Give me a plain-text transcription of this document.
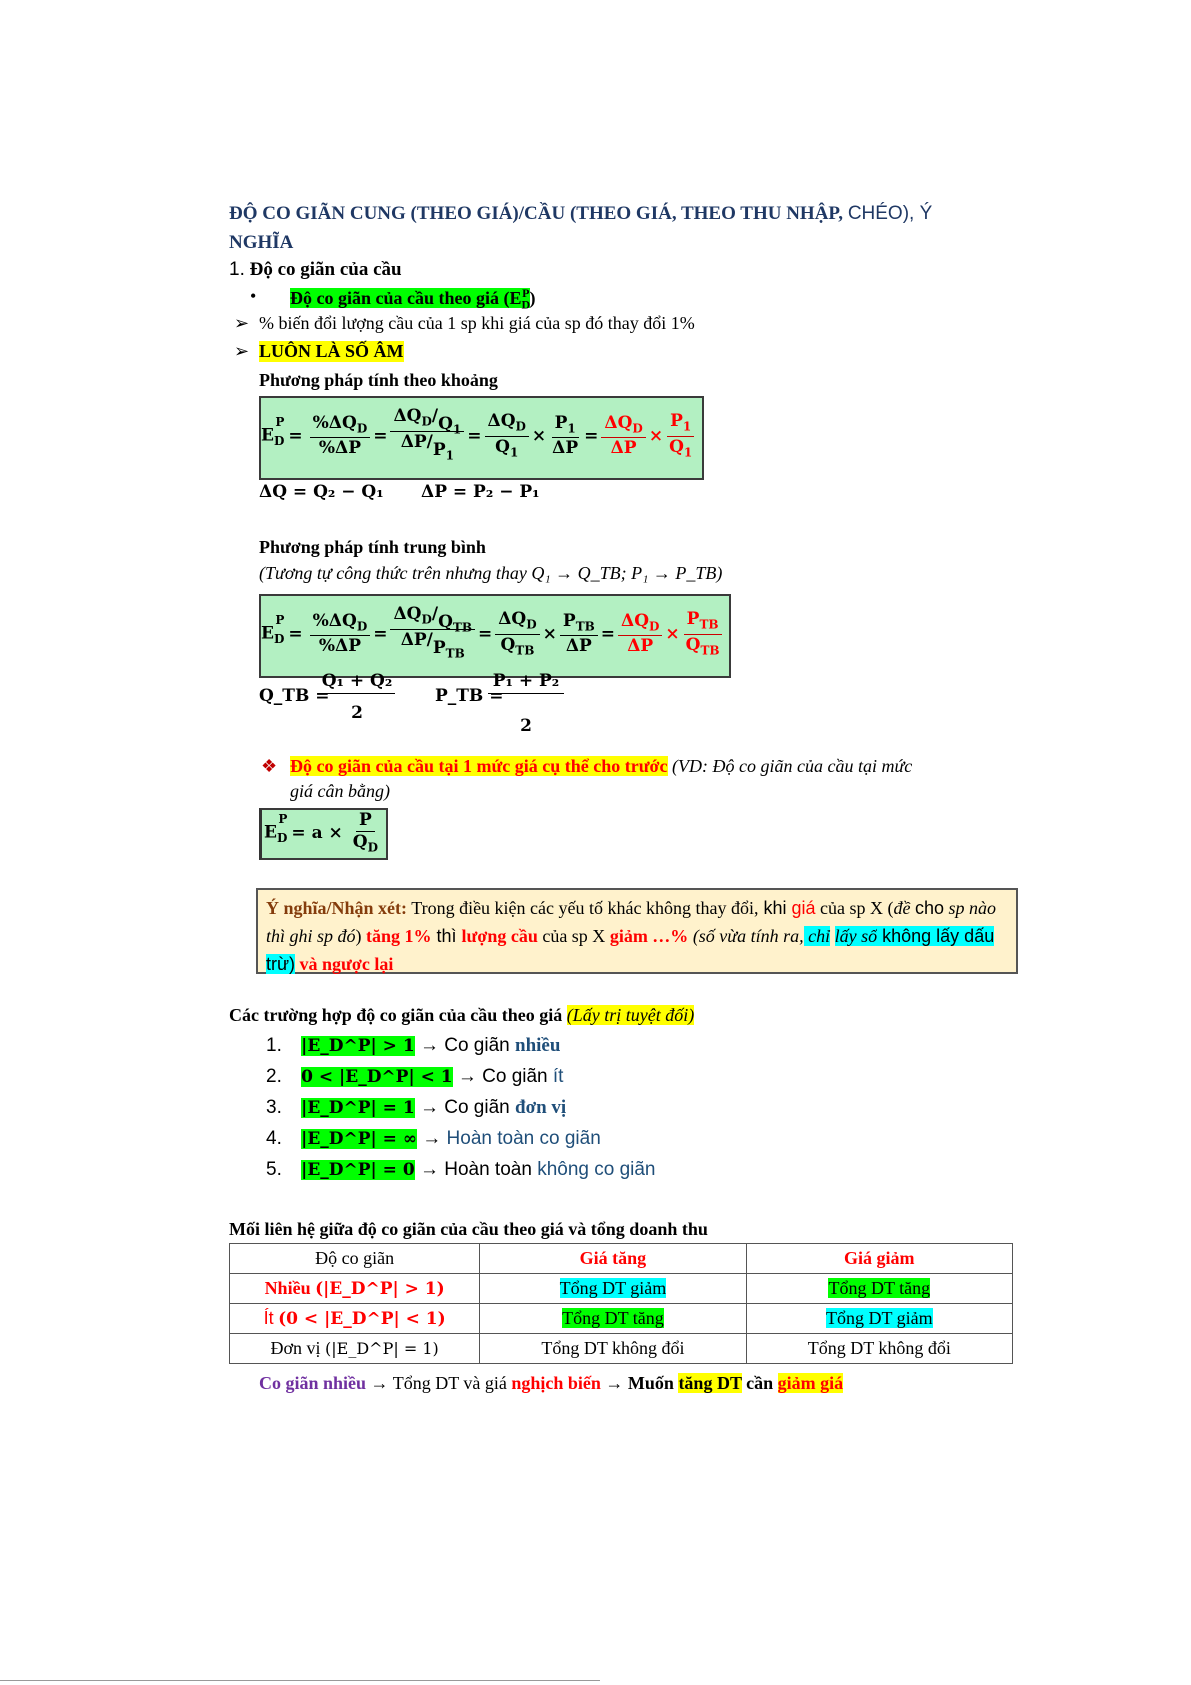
ĐỘ CO GIÃN CUNG (THEO GIÁ)/CẦU (THEO GIÁ, THEO THU NHẬP, CHÉO), Ý
NGHĨA
1. Độ co giãn của cầu
• Độ co giãn của cầu theo giá $(E_D^P)$
➢ % biến đổi lượng cầu của 1 sp khi giá của sp đó thay đổi 1%
➢ LUÔN LÀ SỐ ÂM
Phương pháp tính theo khoảng
$E_D^P$
= $\frac{\%\Delta Q_D}{\%\Delta P} = \frac{\Delta Q_D/Q_1}{\Delta P/P_1} = \frac{\Delta Q_D}{Q_1} \times \frac{P_1}{\Delta P} = \frac{\Delta Q_D}{\Delta P} \times \frac{P_1}{Q_1}$
ΔQ = Q₂ − Q₁ ΔP = P₂ − P₁
Phương pháp tính trung bình
(Tương tự công thức trên nhưng thay Q₁ → Q_TB; P₁ → P_TB)
$E_D^P$
= $\frac{\%\Delta Q_D}{\%\Delta P} = \frac{\Delta Q_D/Q_{TB}}{\Delta P/P_{TB}} = \frac{\Delta Q_D}{Q_{TB}} \times \frac{P_{TB}}{\Delta P} = \frac{\Delta Q_D}{\Delta P} \times \frac{P_{TB}}{Q_{TB}}$
Q_TB =
Q₁ + Q₂
2
P_TB =
P₁ + P₂
2
❖ Độ co giãn của cầu tại 1 mức giá cụ thể cho trước (VD: Độ co giãn của cầu tại mức
giá cân bằng)
$E_D^P$
= $a \times \frac{P}{Q_D}$
Ý nghĩa/Nhận xét: Trong điều kiện các yếu tố khác không thay đổi, khi giá của sp X (đề cho sp nào thì ghi sp đó) tăng 1% thì lượng cầu của sp X giảm …% (số vừa tính ra, chỉ lấy số không lấy dấu trừ) và ngược lại
Các trường hợp độ co giãn của cầu theo giá (Lấy trị tuyệt đối)
1. |E_D^P| > 1 → Co giãn nhiều
2. 0 < |E_D^P| < 1 → Co giãn ít
3. |E_D^P| = 1 → Co giãn đơn vị
4. |E_D^P| = ∞ → Hoàn toàn co giãn
5. |E_D^P| = 0 → Hoàn toàn không co giãn
Mối liên hệ giữa độ co giãn của cầu theo giá và tổng doanh thu
Độ co giãn	Giá tăng	Giá giảm
Nhiều (|E_D^P| > 1)	Tổng DT giảm	Tổng DT tăng
Ít (0 < |E_D^P| < 1)	Tổng DT tăng	Tổng DT giảm
Đơn vị (|E_D^P| = 1)	Tổng DT không đổi	Tổng DT không đổi
Co giãn nhiều → Tổng DT và giá nghịch biến → Muốn tăng DT cần giảm giá
